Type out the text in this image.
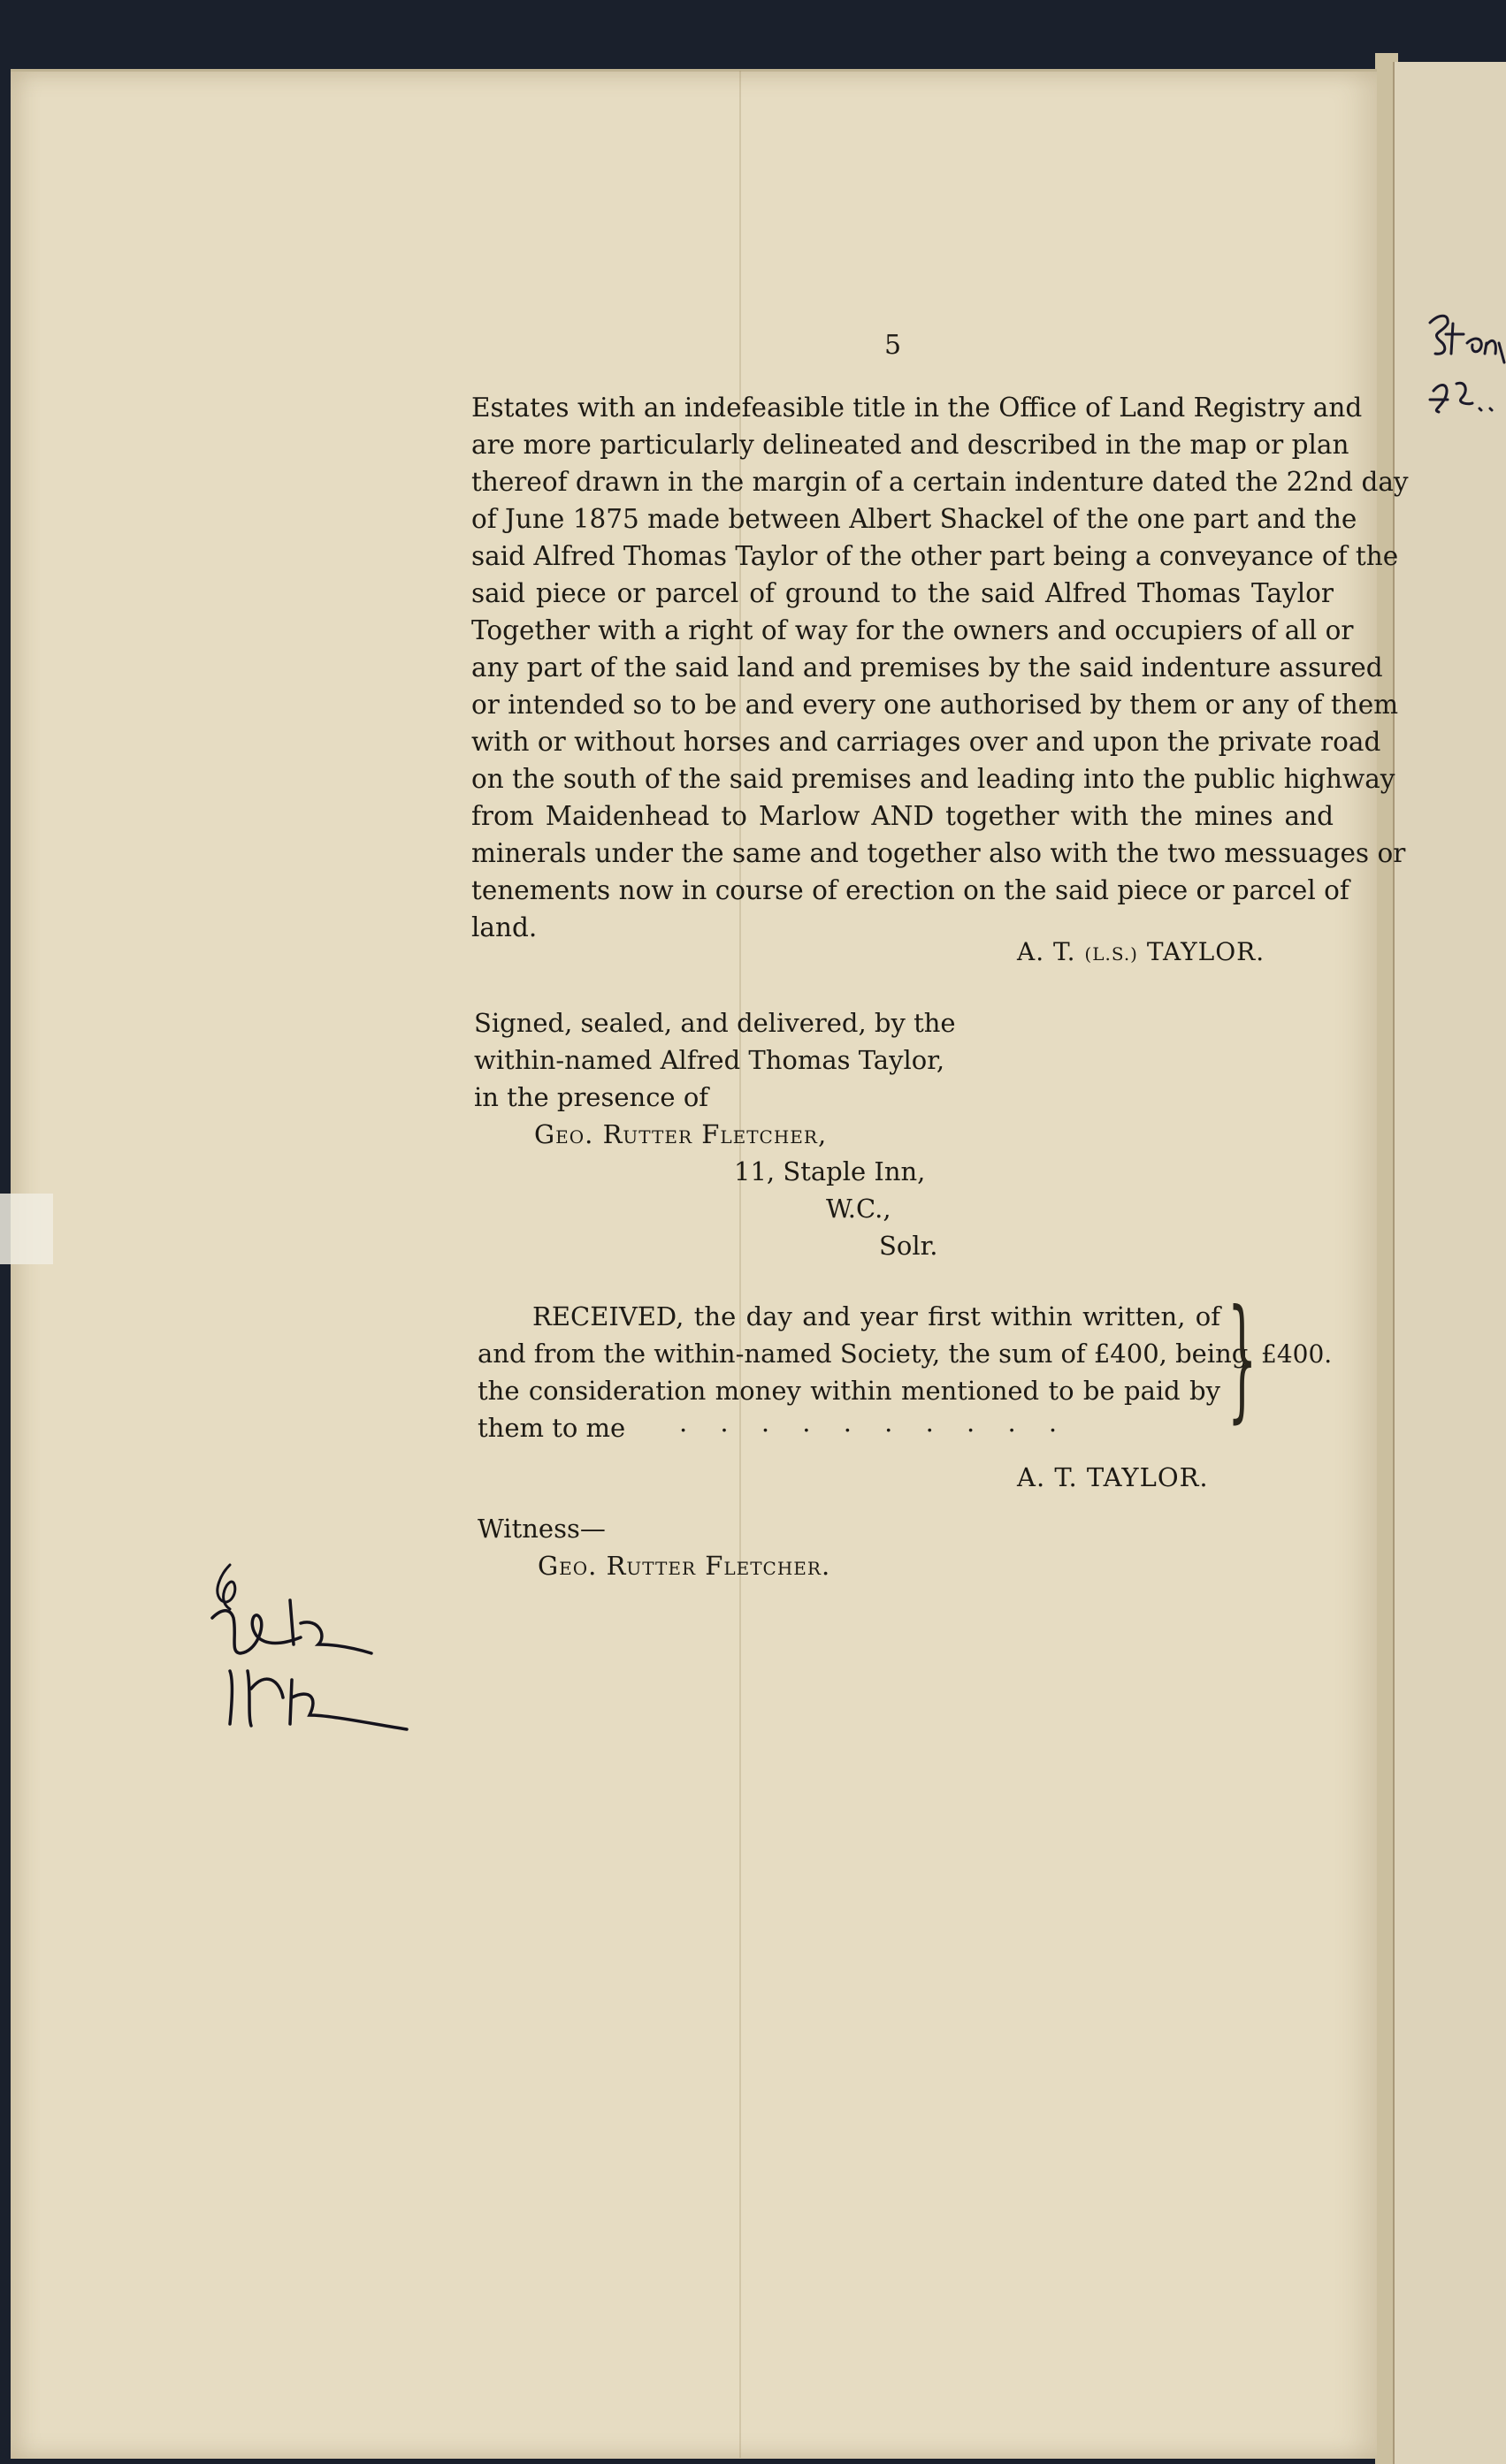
5
Estates with an indefeasible title in the Office of Land Registry and
are more particularly delineated and described in the map or plan
thereof drawn in the margin of a certain indenture dated the 22nd day
of June 1875 made between Albert Shackel of the one part and the
said Alfred Thomas Taylor of the other part being a conveyance of the
said piece or parcel of ground to the said Alfred Thomas Taylor
Together with a right of way for the owners and occupiers of all or
any part of the said land and premises by the said indenture assured
or intended so to be and every one authorised by them or any of them
with or without horses and carriages over and upon the private road
on the south of the said premises and leading into the public highway
from Maidenhead to Marlow AND together with the mines and
minerals under the same and together also with the two messuages or
tenements now in course of erection on the said piece or parcel of
land.
A. T. (L.S.) TAYLOR.
Signed, sealed, and delivered, by the
within-named Alfred Thomas Taylor,
in the presence of
Geo. Rutter Fletcher,
11, Staple Inn,
W.C.,
Solr.
RECEIVED, the day and year first within written, of
and from the within-named Society, the sum of £400, being
the consideration money within mentioned to be paid by
them to me . . . . . . . . . . } £400.
A. T. TAYLOR.
Witness—
Geo. Rutter Fletcher.
